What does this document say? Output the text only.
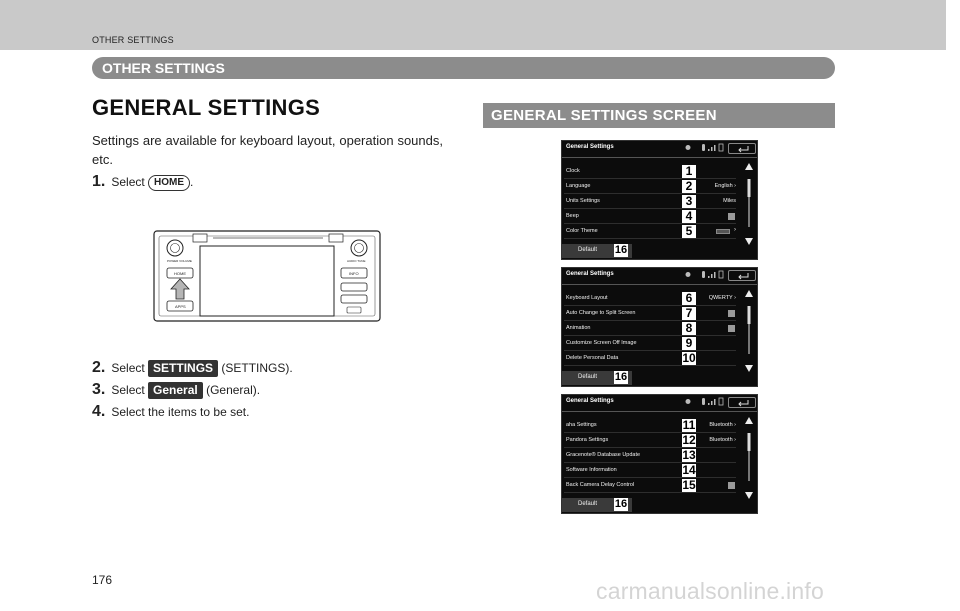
OTHER SETTINGS
OTHER SETTINGS
GENERAL SETTINGS
Settings are available for keyboard layout, operation sounds, etc.
1. Select HOME .
POWER VOLUME	AUDIO TUNE
HOME	INFO
APPS
2. Select SETTINGS (SETTINGS).
3. Select General (General).
4. Select the items to be set.
GENERAL SETTINGS SCREEN
General Settings
Clock	1
Language	2	English ›
Units Settings	3	Miles
Beep	4
Color Theme	5	›
Default 16
General Settings
Keyboard Layout	6	QWERTY ›
Auto Change to Split Screen	7
Animation	8
Customize Screen Off Image	9
Delete Personal Data	10
Default 16
General Settings
aha Settings	11	Bluetooth ›
Pandora Settings	12 Bluetooth ›
Gracenote® Database Update	13
Software Information	14
Back Camera Delay Control	15
Default 16
176	carmanualsonline.info
